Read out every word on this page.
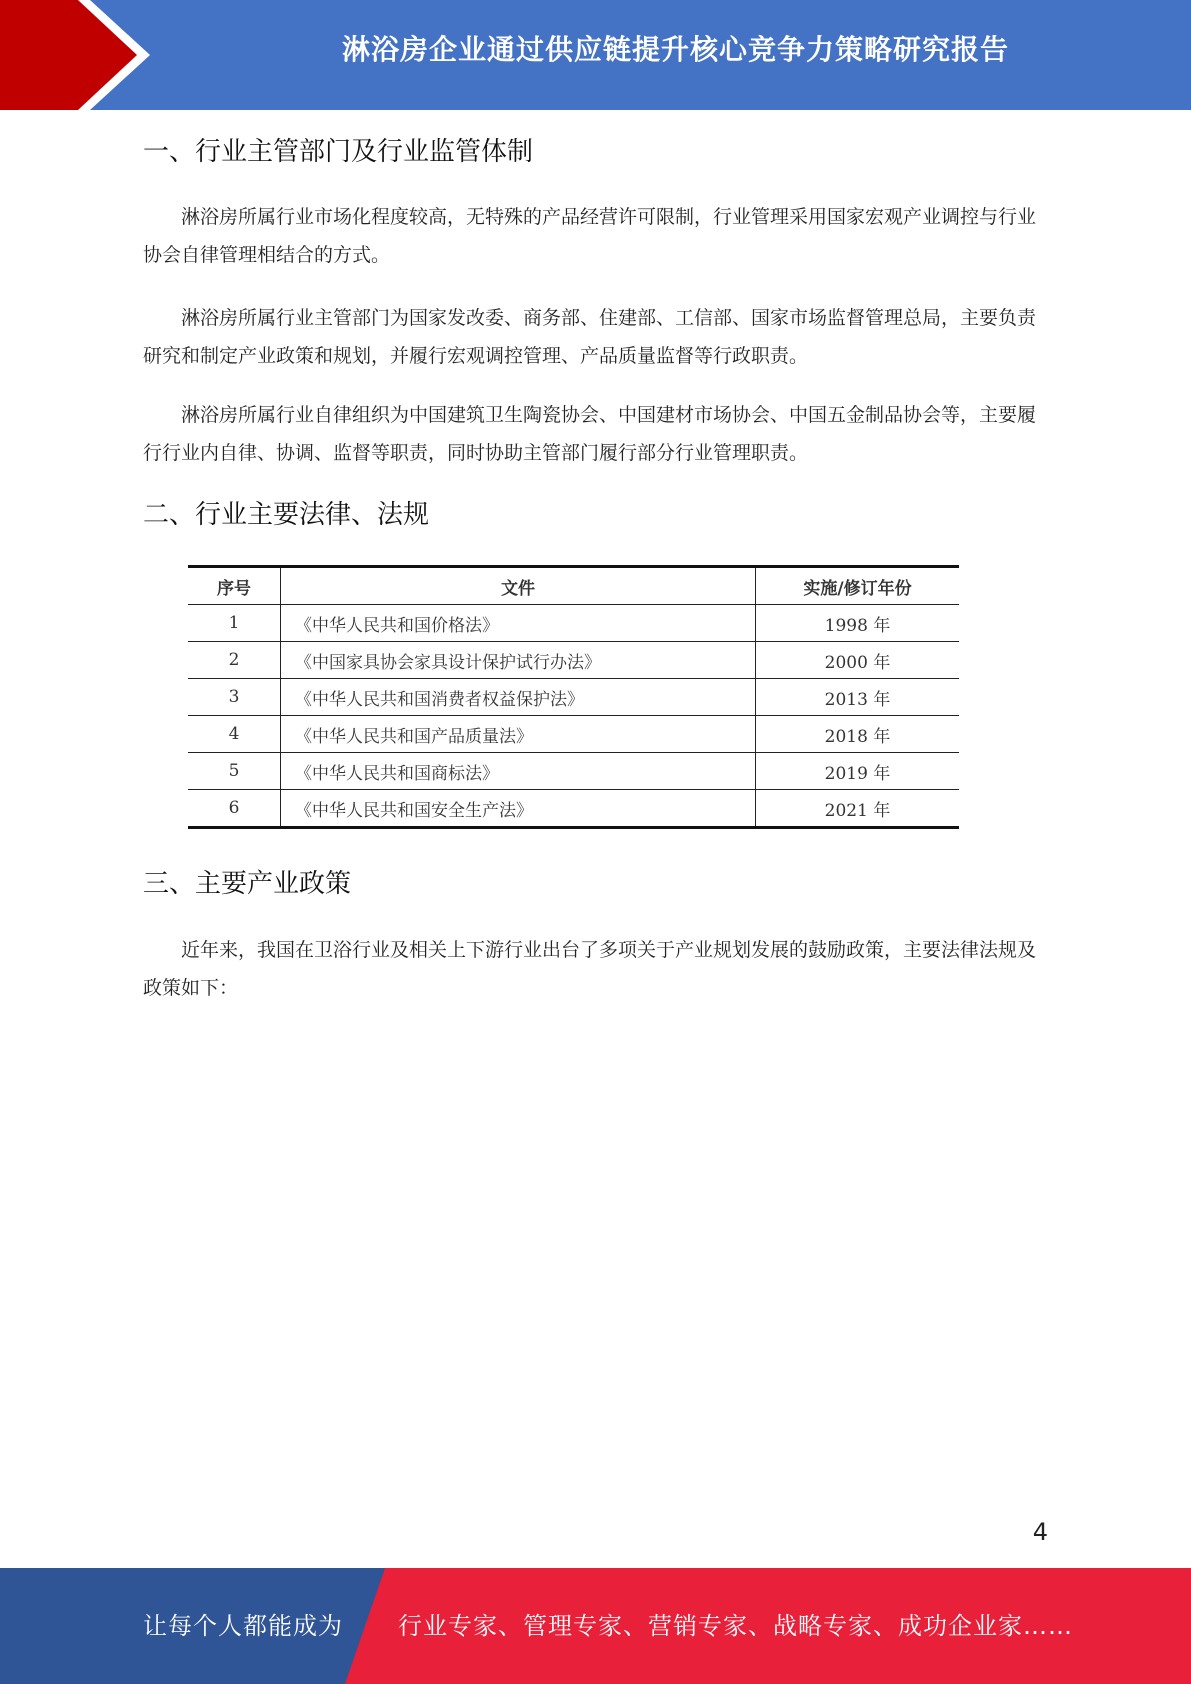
淋浴房企业通过供应链提升核心竞争力策略研究报告
一、行业主管部门及行业监管体制

淋浴房所属行业市场化程度较高，无特殊的产品经营许可限制，行业管理采用国家宏观产业调控与行业协会自律管理相结合的方式。

淋浴房所属行业主管部门为国家发改委、商务部、住建部、工信部、国家市场监督管理总局，主要负责研究和制定产业政策和规划，并履行宏观调控管理、产品质量监督等行政职责。

淋浴房所属行业自律组织为中国建筑卫生陶瓷协会、中国建材市场协会、中国五金制品协会等，主要履行行业内自律、协调、监督等职责，同时协助主管部门履行部分行业管理职责。

二、行业主要法律、法规
序号	文件	实施/修订年份
1	《中华人民共和国价格法》	1998 年
2	《中国家具协会家具设计保护试行办法》	2000 年
3	《中华人民共和国消费者权益保护法》	2013 年
4	《中华人民共和国产品质量法》	2018 年
5	《中华人民共和国商标法》	2019 年
6	《中华人民共和国安全生产法》	2021 年
三、主要产业政策

近年来，我国在卫浴行业及相关上下游行业出台了多项关于产业规划发展的鼓励政策，主要法律法规及政策如下：

4
让每个人都能成为 行业专家、管理专家、营销专家、战略专家、成功企业家……
